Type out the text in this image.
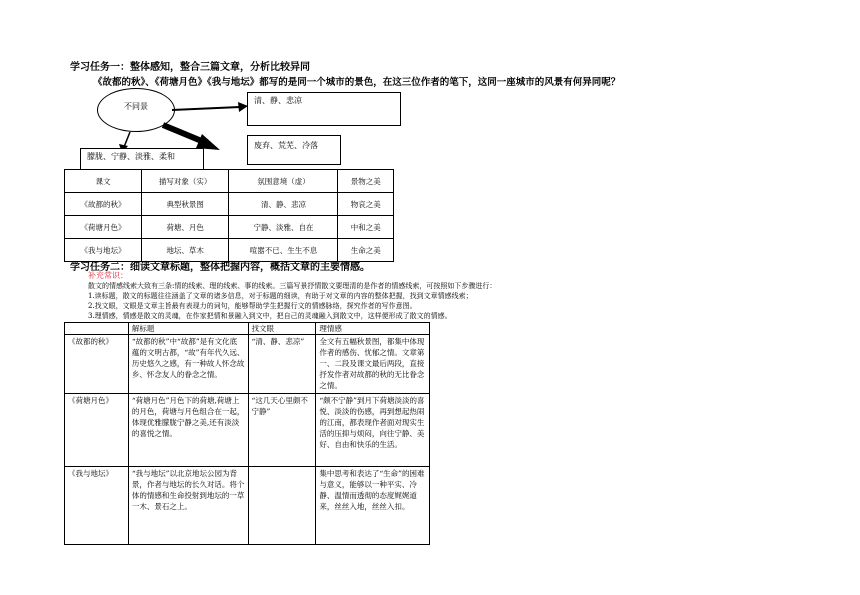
学习任务一：整体感知，整合三篇文章，分析比较异同
《故都的秋》、《荷塘月色》《我与地坛》都写的是同一个城市的景色，在这三位作者的笔下，这同一座城市的风景有何异同呢？
不同景
清、静、悲凉
朦胧、宁静、淡雅、柔和
废弃、荒芜、冷落
课文	描写对象（实）	氛围意境（虚）	景物之美
《故都的秋》	典型秋景图	清、静、悲凉	物哀之美
《荷塘月色》	荷塘、月色	宁静、淡雅、自在	中和之美
《我与地坛》	地坛、草木	喧嚣不已、生生不息	生命之美
学习任务二：细读文章标题，整体把握内容，概括文章的主要情感。
补充常识：
散文的情感线索大致有三条:情的线索、理的线索、事的线索。三篇写景抒情散文要理清的是作者的情感线索，可按照如下步骤进行：
1.读标题，散文的标题往往涵盖了文章的诸多信息，对于标题的细读，有助于对文章的内容的整体把握，找到文章情感线索；
2.找文眼，文眼是文章主旨最有表现力的词句，能够帮助学生把握行文的情感脉络，探究作者的写作意图。
3.理情感，情感是散文的灵魂，在作家把情和景融入到文中，把自己的灵魂融入到散文中，这样便形成了散文的情感。
	解标题	找文眼	理情感
《故都的秋》	“故都的秋”中“故都”是有文化底蕴的文明古都，“故”有年代久远、历史悠久之感，有一种故人怀念故乡、怀念友人的眷念之情。	“清、静、悲凉”	全文有五幅秋景图，都集中体现作者的感伤、忧郁之情。文章第一、二段及课文最后两段，直接抒发作者对故都的秋的无比眷念之情。
《荷塘月色》	“荷塘月色”月色下的荷塘,荷塘上的月色，荷塘与月色组合在一起，体现优雅朦胧宁静之美,还有淡淡的喜悦之情。	“这几天心里颇不宁静”	“颇不宁静”到月下荷塘淡淡的喜悦、淡淡的伤感，再到想起热闹的江南，都表现作者面对现实生活的压抑与烦闷，向往宁静、美好、自由和快乐的生活。
《我与地坛》	“我与地坛”以北京地坛公园为背景，作者与地坛的长久对话。将个体的情感和生命投射到地坛的一草一木、景石之上。		集中思考和表达了“生命”的困难与意义，能够以一种平实、冷静、温情而透彻的态度娓娓道来，丝丝入地，丝丝入扣。
